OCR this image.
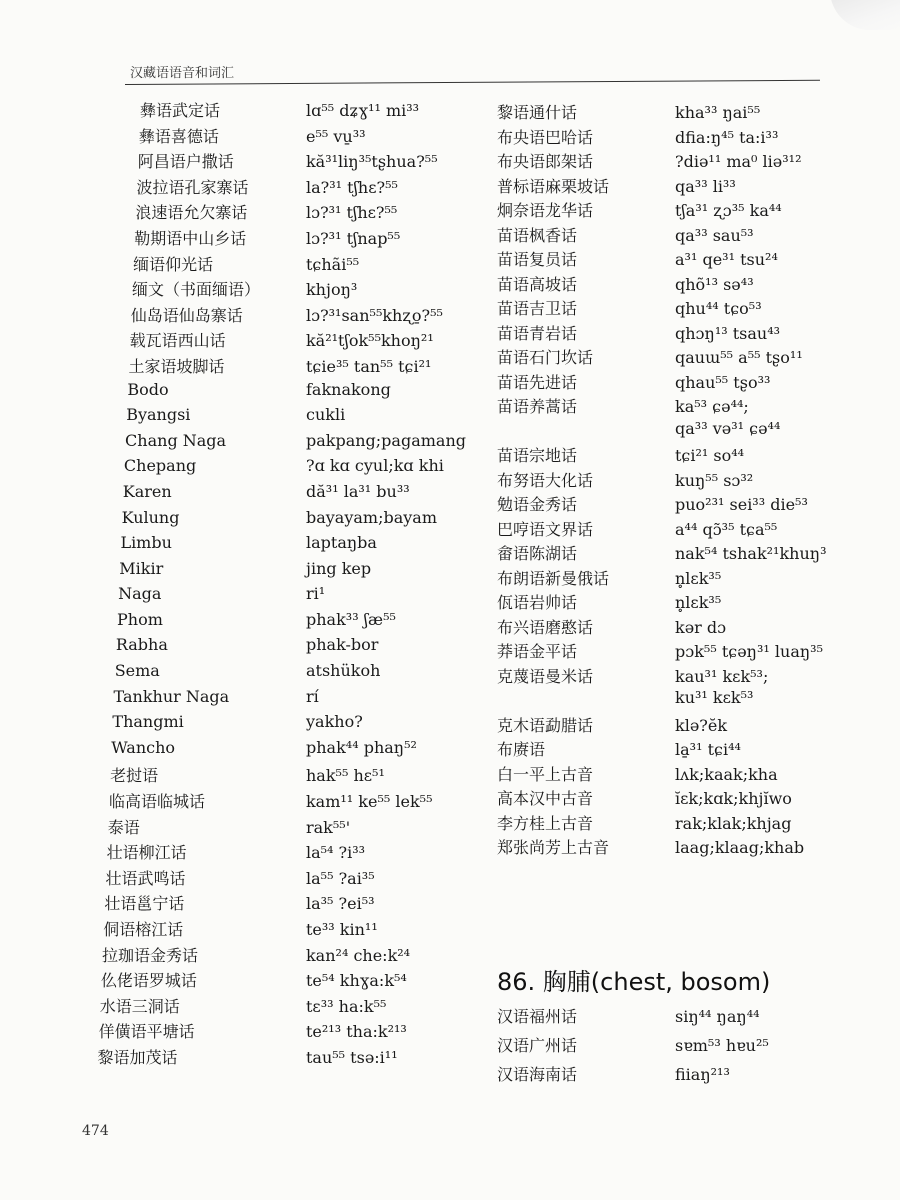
汉藏语语音和词汇
彝语武定话	lɑ⁵⁵ dʑɣ¹¹ mi³³
彝语喜德话	e⁵⁵ vu̱³³
阿昌语户撒话	kă³¹liŋ³⁵tʂhua?⁵⁵
波拉语孔家寨话	la?³¹ tʃhɛ?⁵⁵
浪速语允欠寨话	lɔ?³¹ tʃhɛ?⁵⁵
勒期语中山乡话	lɔ?³¹ tʃnap⁵⁵
缅语仰光话	tɕhãi⁵⁵
缅文（书面缅语）	khjoŋ³
仙岛语仙岛寨话	lɔ?³¹san⁵⁵khʐo̱?⁵⁵
载瓦语西山话	kă²¹tʃok⁵⁵khoŋ²¹
土家语坡脚话	tɕie³⁵ tan⁵⁵ tɕi²¹
Bodo	faknakong
Byangsi	cukli
Chang Naga	pakpang;pagamang
Chepang	?ɑ kɑ cyul;kɑ khi
Karen	dă³¹ la³¹ bu³³
Kulung	bayayam;bayam
Limbu	laptaŋba
Mikir	jing kep
Naga	ri¹
Phom	phak³³ ʃæ⁵⁵
Rabha	phak-bor
Sema	atshükoh
Tankhur Naga	rí
Thangmi	yakho?
Wancho	phak⁴⁴ phaŋ⁵²
老挝语	hak⁵⁵ hɛ⁵¹
临高语临城话	kam¹¹ ke⁵⁵ lek⁵⁵
泰语	rak⁵⁵'
壮语柳江话	la⁵⁴ ?i³³
壮语武鸣话	la⁵⁵ ?ai³⁵
壮语邕宁话	la³⁵ ?ei⁵³
侗语榕江话	te³³ kin¹¹
拉珈语金秀话	kan²⁴ che:k²⁴
仫佬语罗城话	te⁵⁴ khɣa:k⁵⁴
水语三洞话	tɛ³³ ha:k⁵⁵
佯僙语平塘话	te²¹³ tha:k²¹³
黎语加茂话	tau⁵⁵ tsə:i¹¹
黎语通什话	kha³³ ŋai⁵⁵
布央语巴哈话	dfia:ŋ⁴⁵ ta:i³³
布央语郎架话	?diə¹¹ ma⁰ liə³¹²
普标语麻栗坡话	qa³³ li³³
炯奈语龙华话	tʃa³¹ ʐɔ³⁵ ka⁴⁴
苗语枫香话	qa³³ sau⁵³
苗语复员话	a³¹ qe³¹ tsu²⁴
苗语高坡话	qhõ¹³ sə⁴³
苗语吉卫话	qhu⁴⁴ tɕo⁵³
苗语青岩话	qhɔŋ¹³ tsau⁴³
苗语石门坎话	qauɯ⁵⁵ a⁵⁵ tʂo¹¹
苗语先进话	qhau⁵⁵ tʂo³³
苗语养蒿话	ka⁵³ ɕə⁴⁴;
qa³³ və³¹ ɕə⁴⁴
苗语宗地话	tɕi²¹ so⁴⁴
布努语大化话	kuŋ⁵⁵ sɔ³²
勉语金秀话	puo²³¹ sei³³ die⁵³
巴哼语文界话	a⁴⁴ qɔ̃³⁵ tɕa⁵⁵
畲语陈湖话	nak⁵⁴ tshak²¹khuŋ³
布朗语新曼俄话	n̥lɛk³⁵
佤语岩帅话	n̥lɛk³⁵
布兴语磨憨话	kər dɔ
莽语金平话	pɔk⁵⁵ tɕəŋ³¹ luaŋ³⁵
克蔑语曼米话	kau³¹ kɛk⁵³;
ku³¹ kɛk⁵³
克木语勐腊话	klə?ĕk
布赓语	la̱³¹ tɕi⁴⁴
白一平上古音	lʌk;kaak;kha
高本汉中古音	ĭɛk;kɑk;khjĭwo
李方桂上古音	rak;klak;khjag
郑张尚芳上古音	laag;klaag;khab
86. 胸脯(chest, bosom)
汉语福州话	siŋ⁴⁴ ŋaŋ⁴⁴
汉语广州话	sɐm⁵³ hɐu²⁵
汉语海南话	fiiaŋ²¹³
474
